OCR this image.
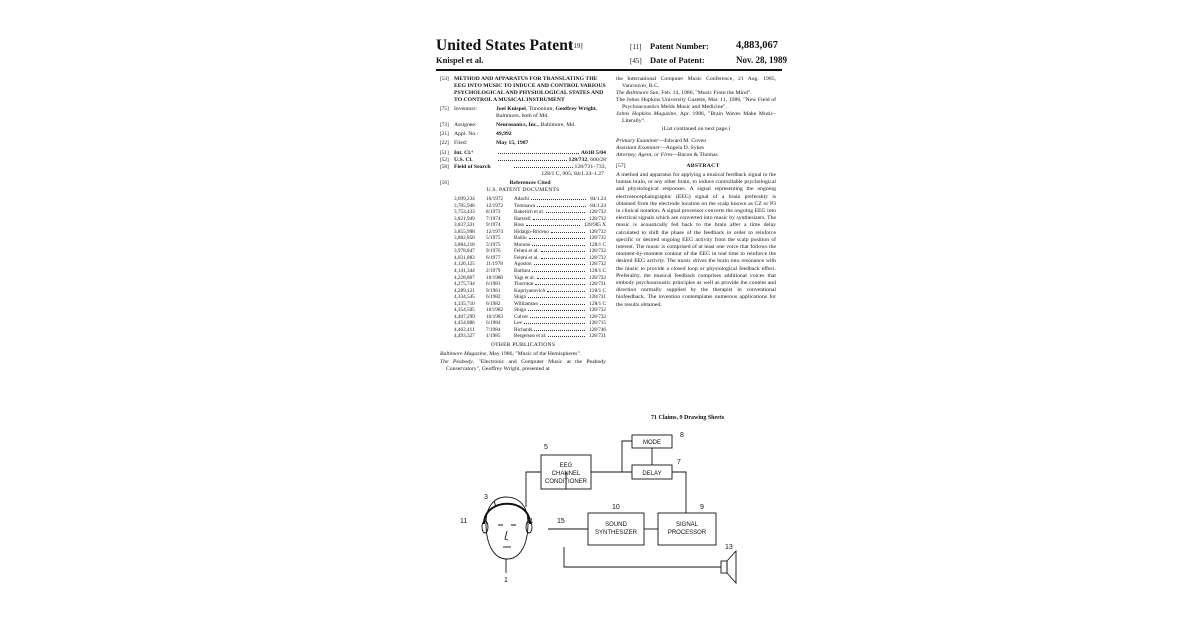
United States Patent
[19]
Knispel et al.
[11] Patent Number:	4,883,067
[45] Date of Patent:	Nov. 28, 1989
[54] METHOD AND APPARATUS FOR TRANSLATING THE EEG INTO MUSIC TO INDUCE AND CONTROL VARIOUS PSYCHOLOGICAL AND PHYSIOLOGICAL STATES AND TO CONTROL A MUSICAL INSTRUMENT
[75] Inventors:	Joel Knispel, Timonium; Geoffrey Wright, Baltimore, both of Md.
[73] Assignee:	Neurosonics, Inc., Baltimore, Md.
[21] Appl. No.:	49,992
[22] Filed:	May 15, 1987
[51] Int. Cl.⁴	A61B 5/04
[52] U.S. Cl.	128/732 ; 600/28
[58] Field of Search	128/731–733,
128/1 C, 905; 84/1.24–1.27
[56]	References Cited
U.S. PATENT DOCUMENTS
3,699,234	10/1972	Adachi	84/1.24
3,705,948	12/1972	Tomisawa	84/1.24
3,753,433	8/1973	Bakerich et al.	128/732
3,821,949	7/1974	Hartzell	128/732
3,837,331	9/1974	Ross	128/905 X
3,855,998	12/1974	Hidalgo-Briceno	128/732
3,882,850	5/1975	Bailin	128/732
3,884,218	5/1975	Monroe	128/1 C
3,978,847	9/1976	Fehmi et al.	128/732
4,031,883	6/1977	Fehmi et al.	128/732
4,126,125	11/1978	Agoston	128/732
4,141,344	2/1979	Barbara	128/1 C
4,228,807	10/1980	Yagi et al.	128/732
4,275,744	6/1981	Thornton	128/731
4,289,121	9/1981	Kupriyanovich	128/1 C
4,334,545	6/1982	Shiga	128/731
4,335,710	6/1982	Williamson	128/1 C
4,354,505	10/1982	Shiga	128/732
4,407,299	10/1983	Culver	128/732
4,454,886	6/1984	Lee	128/715
4,462,411	7/1984	Richards	128/746
4,493,327	1/1985	Bergelson et al.	128/731
OTHER PUBLICATIONS
Baltimore Magazine, May 1986, "Music of the Hemispheres".
The Peabody, "Electronic and Computer Music at the Peabody Conservatory", Geoffrey Wright, presented at
the International Computer Music Conference, 21 Aug. 1985, Vancouver, B.C.
The Baltimore Sun, Feb. 14, 1986, "Music From the Mind".
The Johns Hopkins University Gazette, Mar. 11, 1986, "New Field of Psychoacoustics Melds Music and Medicine".
Johns Hopkins Magazine, Apr. 1986, "Brain Waves Make Music–Literally".
(List continued on next page.)
Primary Examiner—Edward M. Coven
Assistant Examiner—Angela D. Sykes
Attorney, Agent, or Firm—Bacon & Thomas
[57]	ABSTRACT
A method and apparatus for applying a musical feedback signal to the human brain, or any other brain, to induce controllable psychological and physiological responses. A signal representing the ongoing electroencephalographic (EEG) signal of a brain preferably is obtained from the electrode location on the scalp known as CZ or P3 in clinical notation. A signal processor converts the ongoing EEG into electrical signals which are converted into music by synthesizers. The music is acoustically fed back to the brain after a time delay calculated to shift the phase of the feedback in order to reinforce specific or desired ongoing EEG activity from the scalp position of interest. The music is comprised of at least one voice that follows the moment-by-moment contour of the EEG in real time to reinforce the desired EEG activity. The music drives the brain into resonance with the music to provide a closed loop or physiological feedback effect. Preferably, the musical feedback comprises additional voices that embody psychoacoustic principles as well as provide the content and direction normally supplied by the therapist in conventional biofeedback. The invention contemplates numerous applications for the results obtained.
71 Claims, 9 Drawing Sheets
EEG
CHANNEL
CONDITIONER
MODE
DELAY
SOUND
SYNTHESIZER
SIGNAL
PROCESSOR
5
8
7
10	9
3
11	11	15
13
1
